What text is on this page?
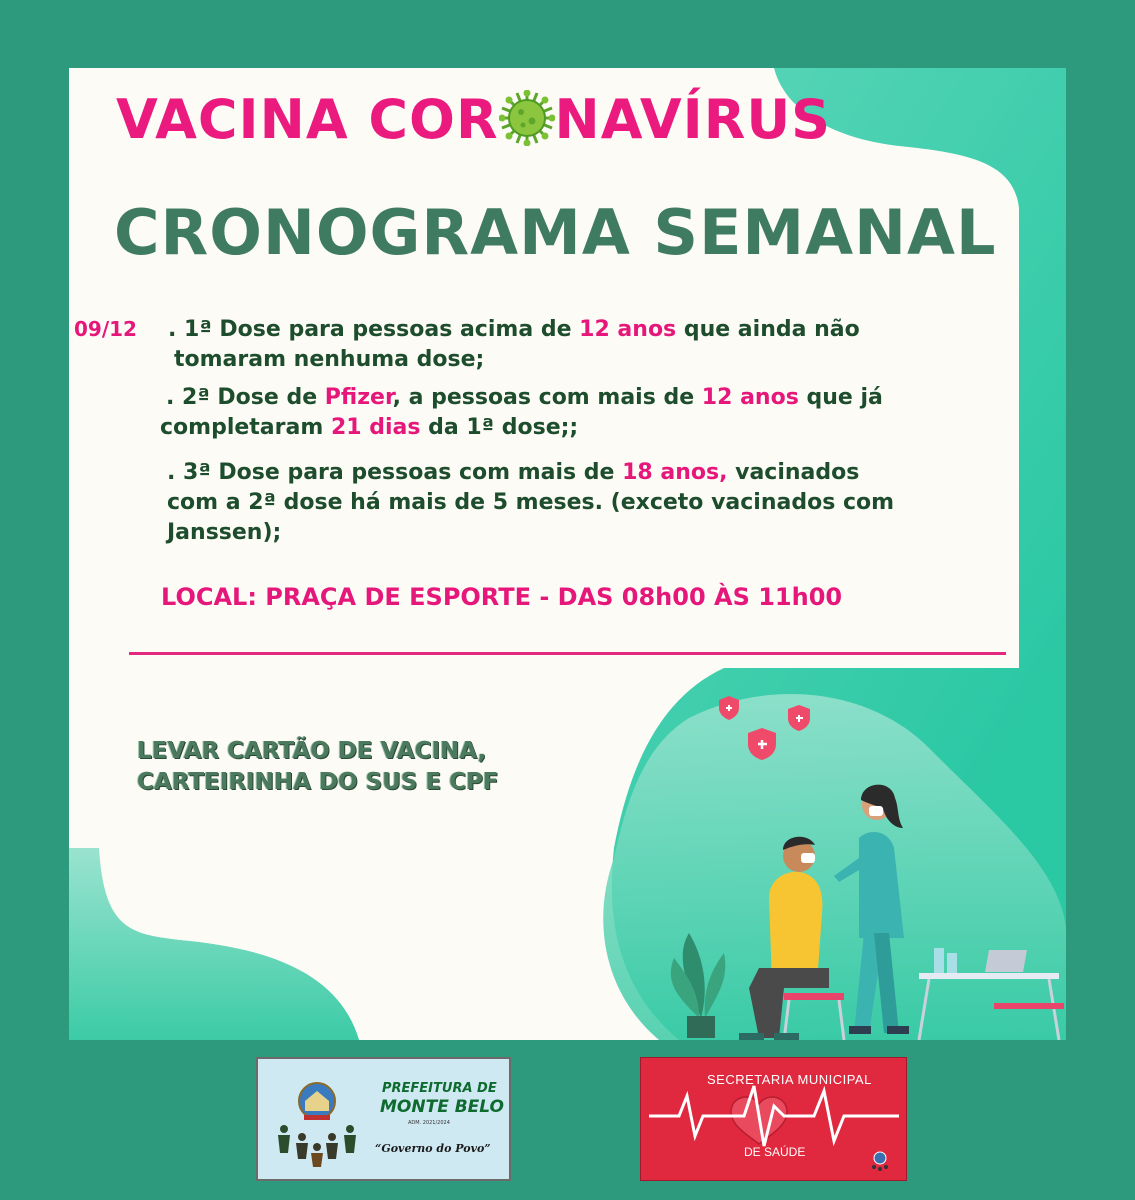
VACINA COR NAVÍRUS
CRONOGRAMA SEMANAL
09/12 . 1ª Dose para pessoas acima de 12 anos que ainda não
tomaram nenhuma dose;
. 2ª Dose de Pfizer, a pessoas com mais de 12 anos que já
completaram 21 dias da 1ª dose;;
. 3ª Dose para pessoas com mais de 18 anos, vacinados
com a 2ª dose há mais de 5 meses. (exceto vacinados com
Janssen);
LOCAL: PRAÇA DE ESPORTE - DAS 08h00 ÀS 11h00
LEVAR CARTÃO DE VACINA,
CARTEIRINHA DO SUS E CPF
PREFEITURA DE
MONTE BELO
ADM. 2021/2024
“Governo do Povo”
SECRETARIA MUNICIPAL
DE SAÚDE
